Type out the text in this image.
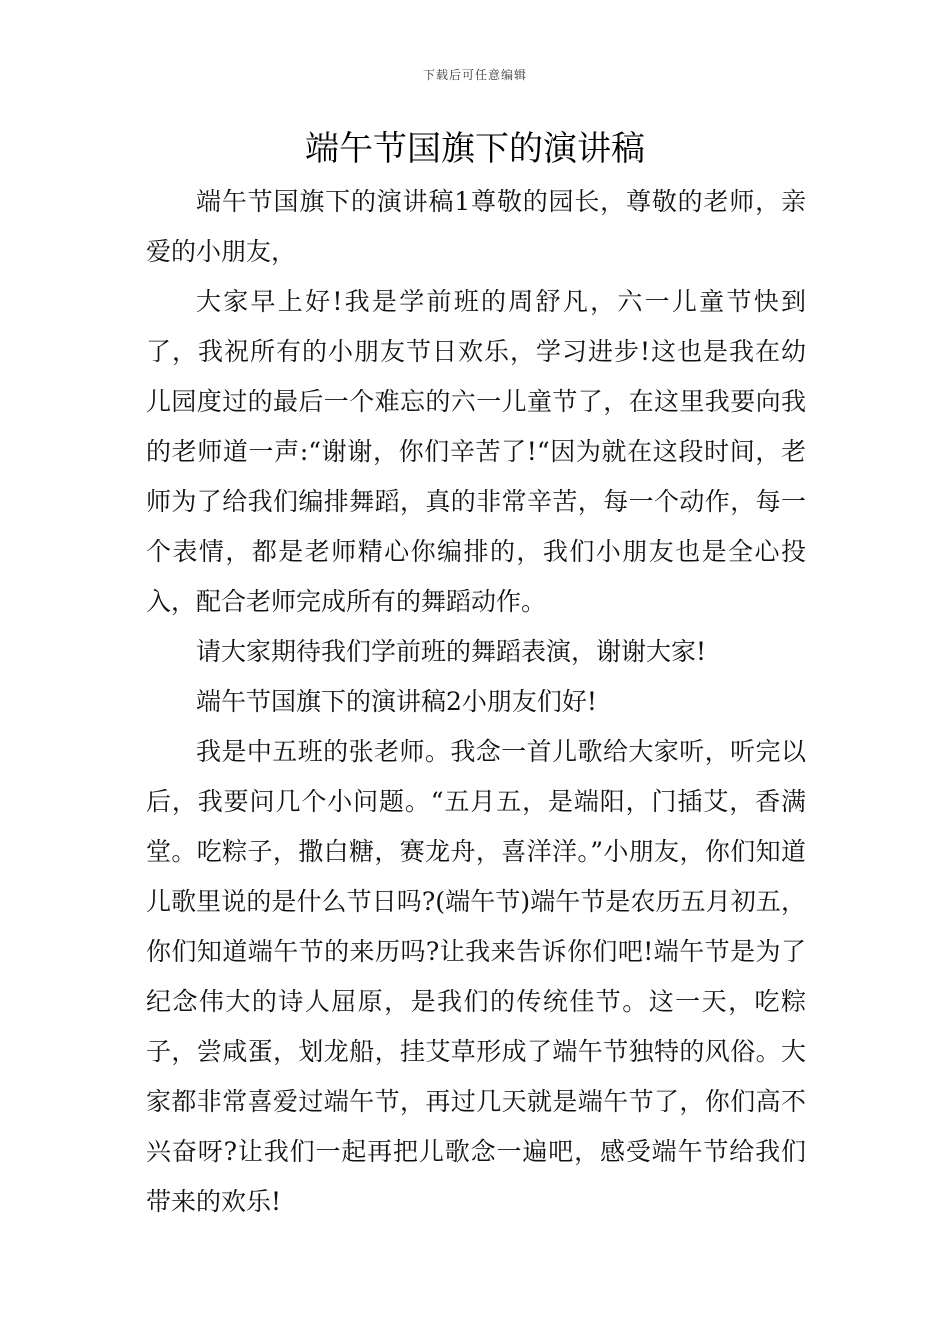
下载后可任意编辑
端午节国旗下的演讲稿

端午节国旗下的演讲稿1尊敬的园长，尊敬的老师，亲爱的小朋友，

大家早上好!我是学前班的周舒凡，六一儿童节快到了，我祝所有的小朋友节日欢乐，学习进步!这也是我在幼儿园度过的最后一个难忘的六一儿童节了，在这里我要向我的老师道一声:“谢谢，你们辛苦了!“因为就在这段时间，老师为了给我们编排舞蹈，真的非常辛苦，每一个动作，每一个表情，都是老师精心你编排的，我们小朋友也是全心投入，配合老师完成所有的舞蹈动作。

请大家期待我们学前班的舞蹈表演，谢谢大家!

端午节国旗下的演讲稿2小朋友们好!

我是中五班的张老师。我念一首儿歌给大家听，听完以后，我要问几个小问题。“五月五，是端阳，门插艾，香满堂。吃粽子，撒白糖，赛龙舟，喜洋洋。”小朋友，你们知道儿歌里说的是什么节日吗?(端午节)端午节是农历五月初五，你们知道端午节的来历吗?让我来告诉你们吧!端午节是为了纪念伟大的诗人屈原，是我们的传统佳节。这一天，吃粽子，尝咸蛋，划龙船，挂艾草形成了端午节独特的风俗。大家都非常喜爱过端午节，再过几天就是端午节了，你们高不兴奋呀?让我们一起再把儿歌念一遍吧，感受端午节给我们带来的欢乐!
